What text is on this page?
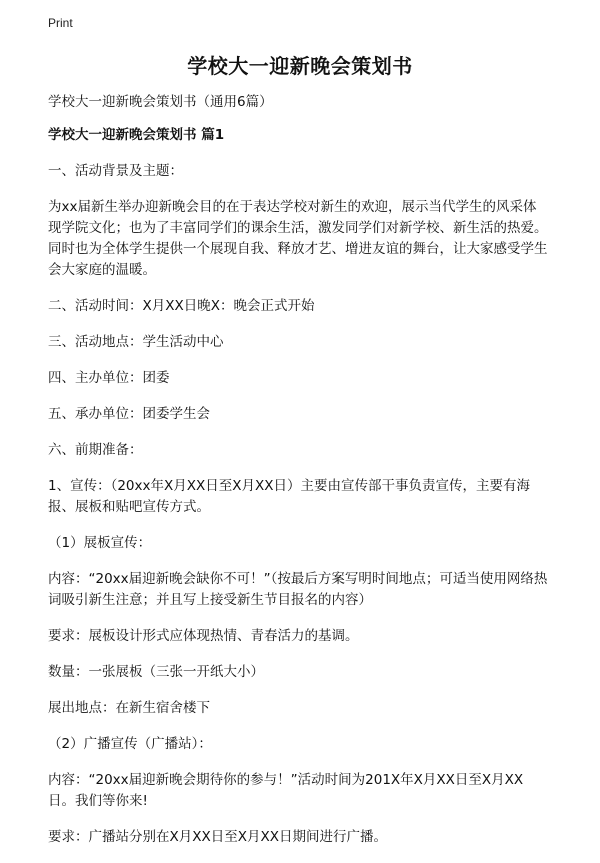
Print
学校大一迎新晚会策划书

学校大一迎新晚会策划书（通用6篇）

学校大一迎新晚会策划书 篇1

一、活动背景及主题：

为xx届新生举办迎新晚会目的在于表达学校对新生的欢迎，展示当代学生的风采体现学院文化；也为了丰富同学们的课余生活，激发同学们对新学校、新生活的热爱。同时也为全体学生提供一个展现自我、释放才艺、增进友谊的舞台，让大家感受学生会大家庭的温暖。

二、活动时间：X月XX日晚X：晚会正式开始

三、活动地点：学生活动中心

四、主办单位：团委

五、承办单位：团委学生会

六、前期准备：

1、宣传：（20xx年X月XX日至X月XX日）主要由宣传部干事负责宣传，主要有海报、展板和贴吧宣传方式。

（1）展板宣传：

内容：“20xx届迎新晚会缺你不可！”（按最后方案写明时间地点；可适当使用网络热词吸引新生注意；并且写上接受新生节目报名的内容）

要求：展板设计形式应体现热情、青春活力的基调。

数量：一张展板（三张一开纸大小）

展出地点：在新生宿舍楼下

（2）广播宣传（广播站）：

内容：“20xx届迎新晚会期待你的参与！”活动时间为201X年X月XX日至X月XX日。我们等你来!

要求：广播站分别在X月XX日至X月XX日期间进行广播。
